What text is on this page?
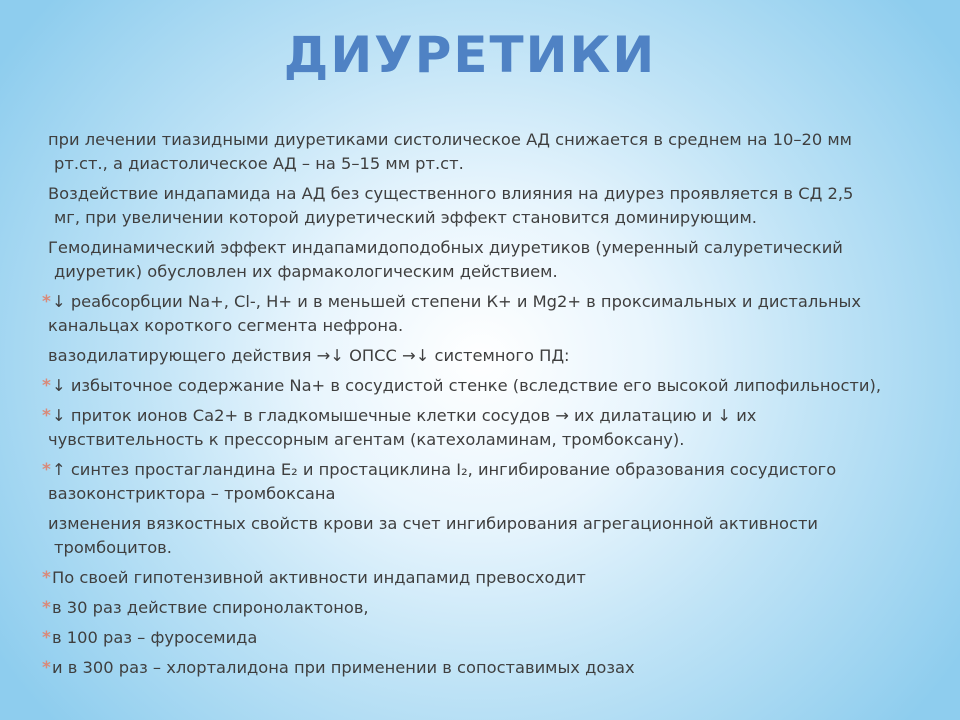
ДИУРЕТИКИ
при лечении тиазидными диуретиками систолическое АД снижается в среднем на 10–20 мм
рт.ст., а диастолическое АД – на 5–15 мм рт.ст.
Воздействие индапамида на АД без существенного влияния на диурез проявляется в СД 2,5
мг, при увеличении которой диуретический эффект становится доминирующим.
Гемодинамический эффект индапамидоподобных диуретиков (умеренный салуретический
диуретик) обусловлен их фармакологическим действием.
*↓ реабсорбции Na+, Cl-, H+ и в меньшей степени К+ и Mg2+ в проксимальных и дистальных
канальцах короткого сегмента нефрона.
вазодилатирующего действия →↓ ОПСС →↓ системного ПД:
*↓ избыточное содержание Na+ в сосудистой стенке (вследствие его высокой липофильности),
*↓ приток ионов Са2+ в гладкомышечные клетки сосудов → их дилатацию и ↓ их
чувствительность к прессорным агентам (катехоламинам, тромбоксану).
*↑ синтез простагландина Е₂ и простациклина I₂, ингибирование образования сосудистого
вазоконстриктора – тромбоксана
изменения вязкостных свойств крови за счет ингибирования агрегационной активности
тромбоцитов.
*По своей гипотензивной активности индапамид превосходит
*в 30 раз действие спиронолактонов,
*в 100 раз – фуросемида
*и в 300 раз – хлорталидона при применении в сопоставимых дозах
